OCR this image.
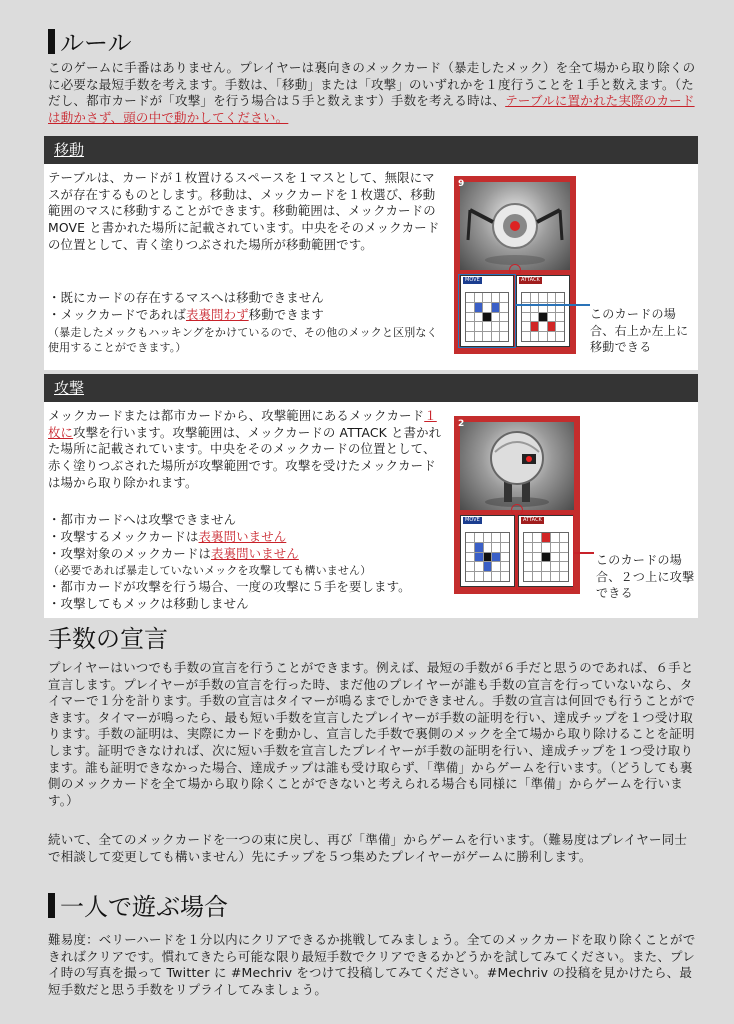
ルール

このゲームに手番はありません。プレイヤーは裏向きのメックカード（暴走したメック）を全て場から取り除くのに必要な最短手数を考えます。手数は、「移動」または「攻撃」のいずれかを１度行うことを１手と数えます。（ただし、都市カードが「攻撃」を行う場合は５手と数えます）手数を考える時は、テーブルに置かれた実際のカードは動かさず、頭の中で動かしてください。

移動

テーブルは、カードが１枚置けるスペースを１マスとして、無限にマスが存在するものとします。移動は、メックカードを１枚選び、移動範囲のマスに移動することができます。移動範囲は、メックカードの MOVE と書かれた場所に記載されています。中央をそのメックカードの位置として、青く塗りつぶされた場所が移動範囲です。

・既にカードの存在するマスへは移動できません

・メックカードであれば表裏問わず移動できます

（暴走したメックもハッキングをかけているので、その他のメックと区別なく使用することができます。）

9
MOVE	ATTACK

このカードの場合、右上か左上に移動できる

攻撃

メックカードまたは都市カードから、攻撃範囲にあるメックカード１枚に攻撃を行います。攻撃範囲は、メックカードの ATTACK と書かれた場所に記載されています。中央をそのメックカードの位置として、赤く塗りつぶされた場所が攻撃範囲です。攻撃を受けたメックカードは場から取り除かれます。

・都市カードへは攻撃できません

・攻撃するメックカードは表裏問いません

・攻撃対象のメックカードは表裏問いません

（必要であれば暴走していないメックを攻撃しても構いません）

・都市カードが攻撃を行う場合、一度の攻撃に５手を要します。

・攻撃してもメックは移動しません

2
MOVE	ATTACK

このカードの場合、２つ上に攻撃できる

手数の宣言

プレイヤーはいつでも手数の宣言を行うことができます。例えば、最短の手数が６手だと思うのであれば、６手と宣言します。プレイヤーが手数の宣言を行った時、まだ他のプレイヤーが誰も手数の宣言を行っていないなら、タイマーで１分を計ります。手数の宣言はタイマーが鳴るまでしかできません。手数の宣言は何回でも行うことができます。タイマーが鳴ったら、最も短い手数を宣言したプレイヤーが手数の証明を行い、達成チップを１つ受け取ります。手数の証明は、実際にカードを動かし、宣言した手数で裏側のメックを全て場から取り除けることを証明します。証明できなければ、次に短い手数を宣言したプレイヤーが手数の証明を行い、達成チップを１つ受け取ります。誰も証明できなかった場合、達成チップは誰も受け取らず、「準備」からゲームを行います。（どうしても裏側のメックカードを全て場から取り除くことができないと考えられる場合も同様に「準備」からゲームを行います。）

続いて、全てのメックカードを一つの束に戻し、再び「準備」からゲームを行います。（難易度はプレイヤー同士で相談して変更しても構いません）先にチップを５つ集めたプレイヤーがゲームに勝利します。

一人で遊ぶ場合

難易度：ベリーハードを１分以内にクリアできるか挑戦してみましょう。全てのメックカードを取り除くことができればクリアです。慣れてきたら可能な限り最短手数でクリアできるかどうかを試してみてください。また、プレイ時の写真を撮って Twitter に #Mechriv をつけて投稿してみてください。#Mechriv の投稿を見かけたら、最短手数だと思う手数をリプライしてみましょう。
